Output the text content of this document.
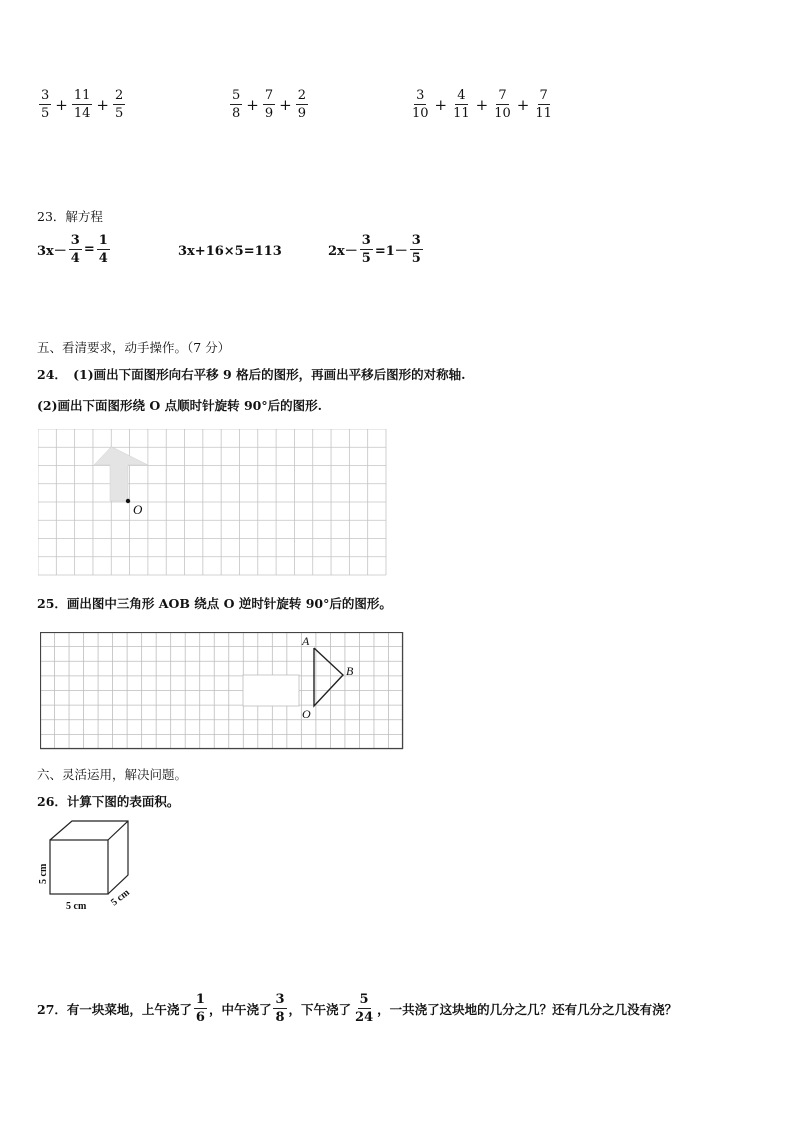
$\frac{3}{5} + \frac{11}{14} + \frac{2}{5}$	$\frac{5}{8} + \frac{7}{9} + \frac{2}{9}$	$\frac{3}{10} + \frac{4}{11} + \frac{7}{10} + \frac{7}{11}$
23．解方程
$3x- \frac{3}{4} = \frac{1}{4}$	3x+16×5=113	$2x- \frac{3}{5} =1- \frac{3}{5}$
五、看清要求，动手操作。（7 分）
24．　(1)画出下面图形向右平移 9 格后的图形，再画出平移后图形的对称轴.
(2)画出下面图形绕 O 点顺时针旋转 90°后的图形.
O
25．画出图中三角形 AOB 绕点 O 逆时针旋转 90°后的图形。
A
B
O
六、灵活运用，解决问题。
26．计算下图的表面积。
5 cm
5 cm 5 cm
27．有一块菜地，上午浇了 $\frac{1}{6}$ ，中午浇了 $\frac{3}{8}$ ，下午浇了 $\frac{5}{24}$ ，一共浇了这块地的几分之几？还有几分之几没有浇？
